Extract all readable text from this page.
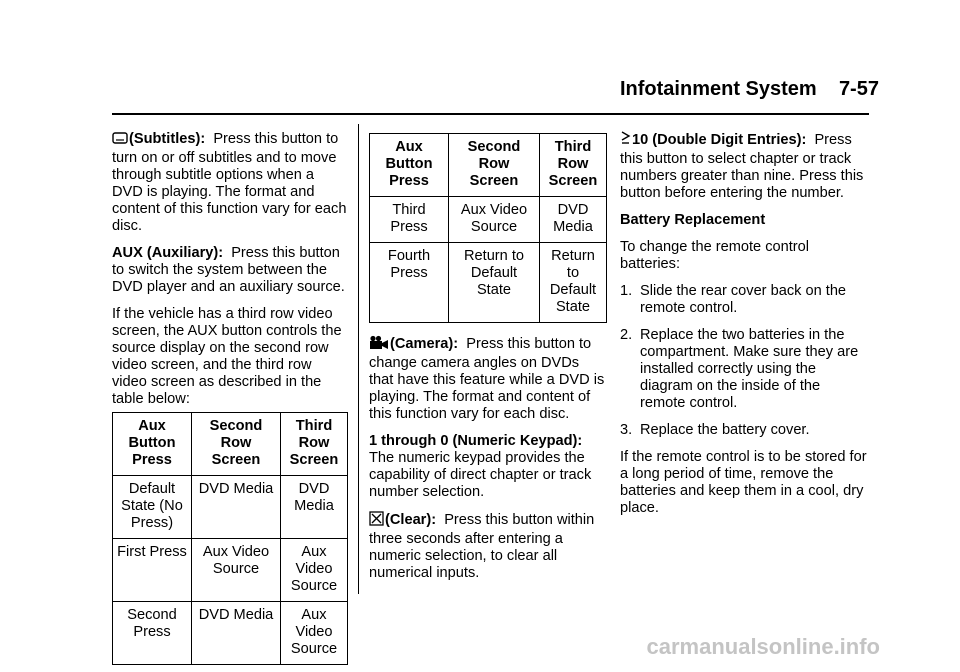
Infotainment System 7-57

(Subtitles): Press this button to turn on or off subtitles and to move through subtitle options when a DVD is playing. The format and content of this function vary for each disc.

AUX (Auxiliary): Press this button to switch the system between the DVD player and an auxiliary source.

If the vehicle has a third row video screen, the AUX button controls the source display on the second row video screen, and the third row video screen as described in the table below:

Aux Button Press	Second Row Screen	Third Row Screen
Default State (No Press)	DVD Media	DVD Media
First Press	Aux Video Source	Aux Video Source
Second Press	DVD Media	Aux Video Source
Aux Button Press	Second Row Screen	Third Row Screen
Third Press	Aux Video Source	DVD Media
Fourth Press	Return to Default State	Return to Default State

(Camera): Press this button to change camera angles on DVDs that have this feature while a DVD is playing. The format and content of this function vary for each disc.

1 through 0 (Numeric Keypad): The numeric keypad provides the capability of direct chapter or track number selection.

(Clear): Press this button within three seconds after entering a numeric selection, to clear all numerical inputs.

10 (Double Digit Entries): Press this button to select chapter or track numbers greater than nine. Press this button before entering the number.

Battery Replacement

To change the remote control batteries:

1. Slide the rear cover back on the remote control.
2. Replace the two batteries in the compartment. Make sure they are installed correctly using the diagram on the inside of the remote control.
3. Replace the battery cover.

If the remote control is to be stored for a long period of time, remove the batteries and keep them in a cool, dry place.

carmanualsonline.info
